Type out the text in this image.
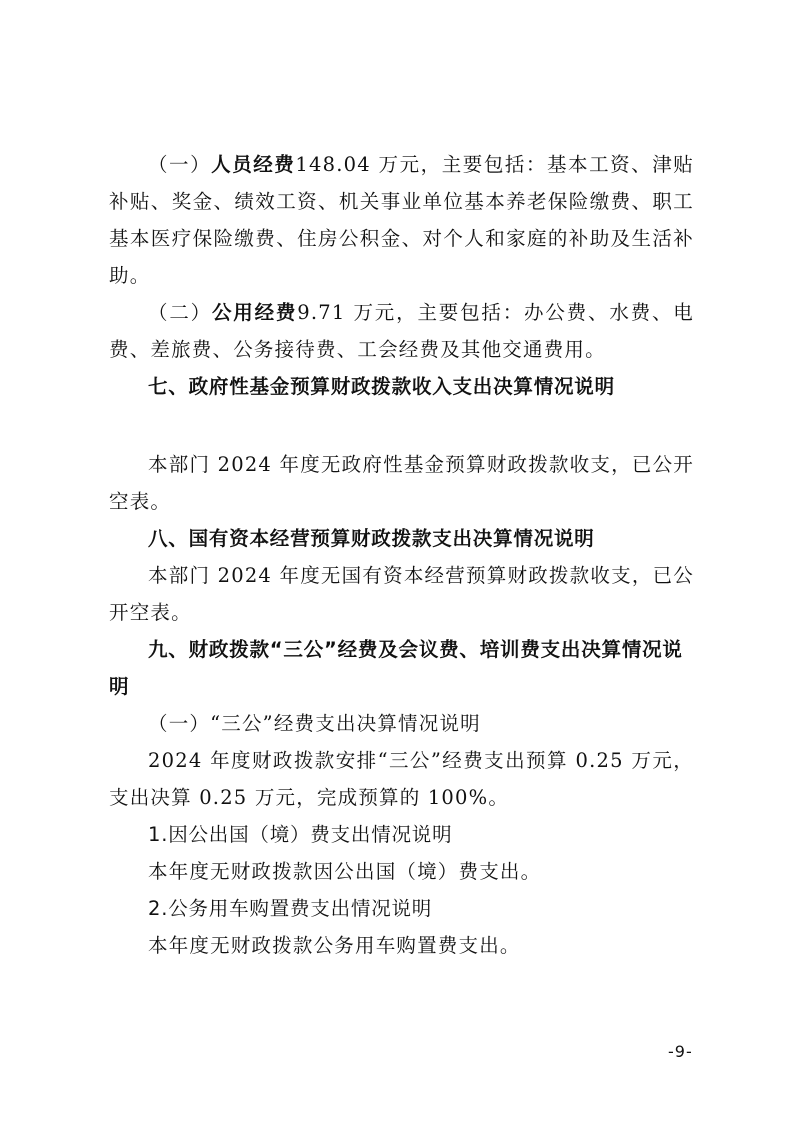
（一）人员经费148.04 万元，主要包括：基本工资、津贴补贴、奖金、绩效工资、机关事业单位基本养老保险缴费、职工基本医疗保险缴费、住房公积金、对个人和家庭的补助及生活补助。

（二）公用经费9.71 万元，主要包括：办公费、水费、电费、差旅费、公务接待费、工会经费及其他交通费用。

七、政府性基金预算财政拨款收入支出决算情况说明

本部门 2024 年度无政府性基金预算财政拨款收支，已公开空表。

八、国有资本经营预算财政拨款支出决算情况说明

本部门 2024 年度无国有资本经营预算财政拨款收支，已公开空表。

九、财政拨款“三公”经费及会议费、培训费支出决算情况说明

（一）“三公”经费支出决算情况说明

2024 年度财政拨款安排“三公”经费支出预算 0.25 万元，支出决算 0.25 万元，完成预算的 100%。

1.因公出国（境）费支出情况说明

本年度无财政拨款因公出国（境）费支出。

2.公务用车购置费支出情况说明

本年度无财政拨款公务用车购置费支出。

-9-
